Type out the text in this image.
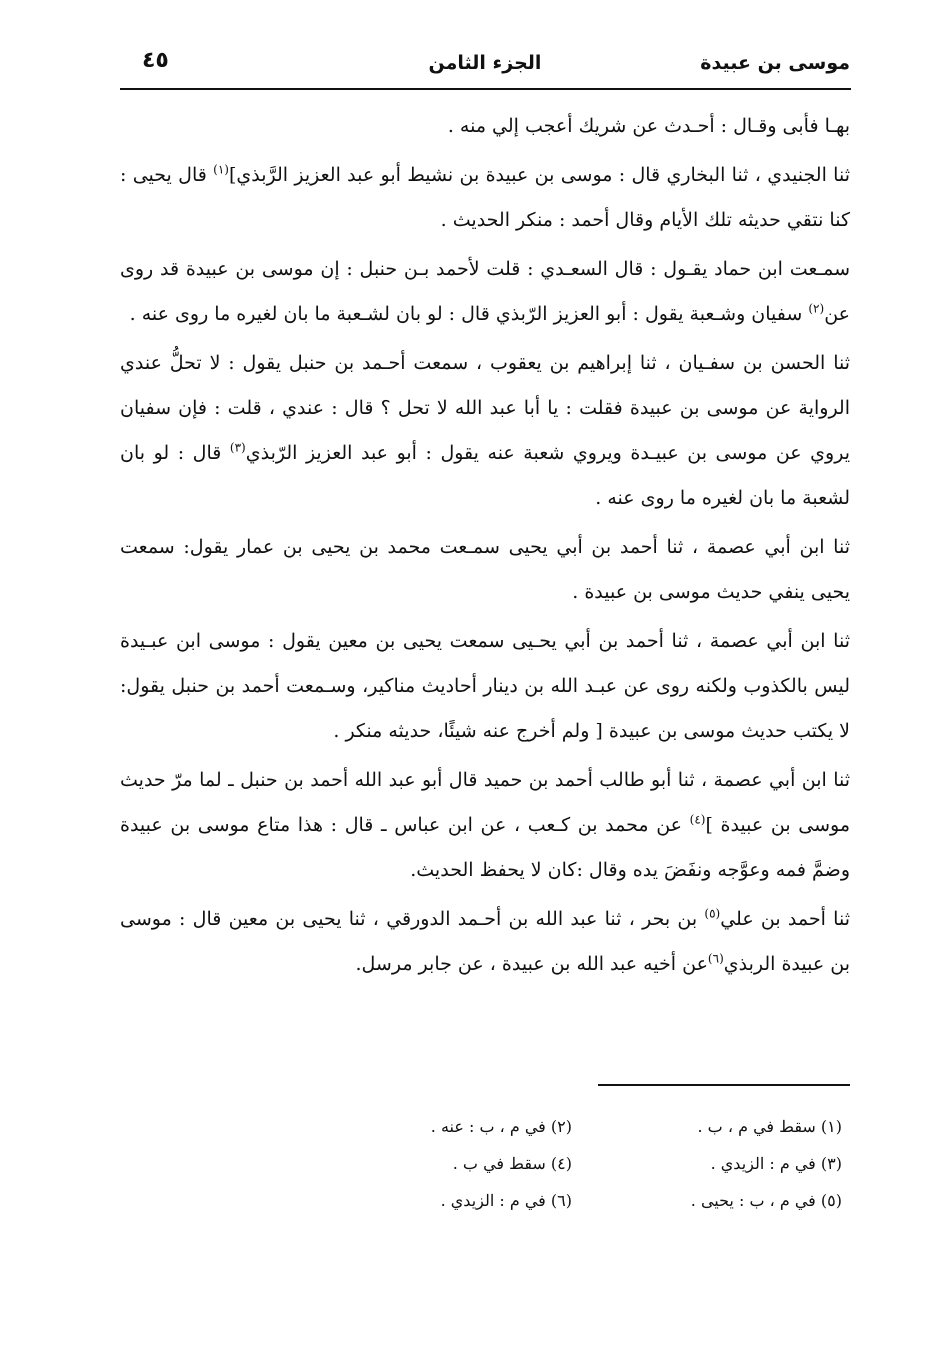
موسى بن عبيدة
الجزء الثامن
٤٥

بهـا فأبى وقـال : أحـدث عن شريك أعجب إلي منه .

ثنا الجنيدي ، ثنا البخاري قال : موسى بن عبيدة بن نشيط أبو عبد العزيز الرَّبذي]$^{(١)}$ قال يحيى : كنا نتقي حديثه تلك الأيام وقال أحمد : منكر الحديث .

سمـعت ابن حماد يقـول : قال السعـدي : قلت لأحمد بـن حنبل : إن موسى بن عبيدة قد روى عن$^{(٢)}$ سفيان وشـعبة يقول : أبو العزيز الرّبذي قال : لو بان لشـعبة ما بان لغيره ما روى عنه .

ثنا الحسن بن سفـيان ، ثنا إبراهيم بن يعقوب ، سمعت أحـمد بن حنبل يقول : لا تحلُّ عندي الرواية عن موسى بن عبيدة فقلت : يا أبا عبد الله لا تحل ؟ قال : عندي ، قلت : فإن سفيان يروي عن موسى بن عبيـدة ويروي شعبة عنه يقول : أبو عبد العزيز الرّبذي$^{(٣)}$ قال : لو بان لشعبة ما بان لغيره ما روى عنه .

ثنا ابن أبي عصمة ، ثنا أحمد بن أبي يحيى سمـعت محمد بن يحيى بن عمار يقول: سمعت يحيى ينفي حديث موسى بن عبيدة .

ثنا ابن أبي عصمة ، ثنا أحمد بن أبي يحـيى سمعت يحيى بن معين يقول : موسى ابن عبـيدة ليس بالكذوب ولكنه روى عن عبـد الله بن دينار أحاديث مناكير، وسـمعت أحمد بن حنبل يقول: لا يكتب حديث موسى بن عبيدة [ ولم أخرج عنه شيئًا، حديثه منكر .

ثنا ابن أبي عصمة ، ثنا أبو طالب أحمد بن حميد قال أبو عبد الله أحمد بن حنبل ـ لما مرّ حديث موسى بن عبيدة ]$^{(٤)}$ عن محمد بن كـعب ، عن ابن عباس ـ قال : هذا متاع موسى بن عبيدة وضمَّ فمه وعوَّجه ونفَضَ يده وقال :كان لا يحفظ الحديث.

ثنا أحمد بن علي$^{(٥)}$ بن بحر ، ثنا عبد الله بن أحـمد الدورقي ، ثنا يحيى بن معين قال : موسى بن عبيدة الربذي$^{(٦)}$عن أخيه عبد الله بن عبيدة ، عن جابر مرسل.

(١) سقط في م ، ب .
(٢) في م ، ب : عنه .
(٣) في م : الزيدي .
(٤) سقط في ب .
(٥) في م ، ب : يحيى .
(٦) في م : الزيدي .
